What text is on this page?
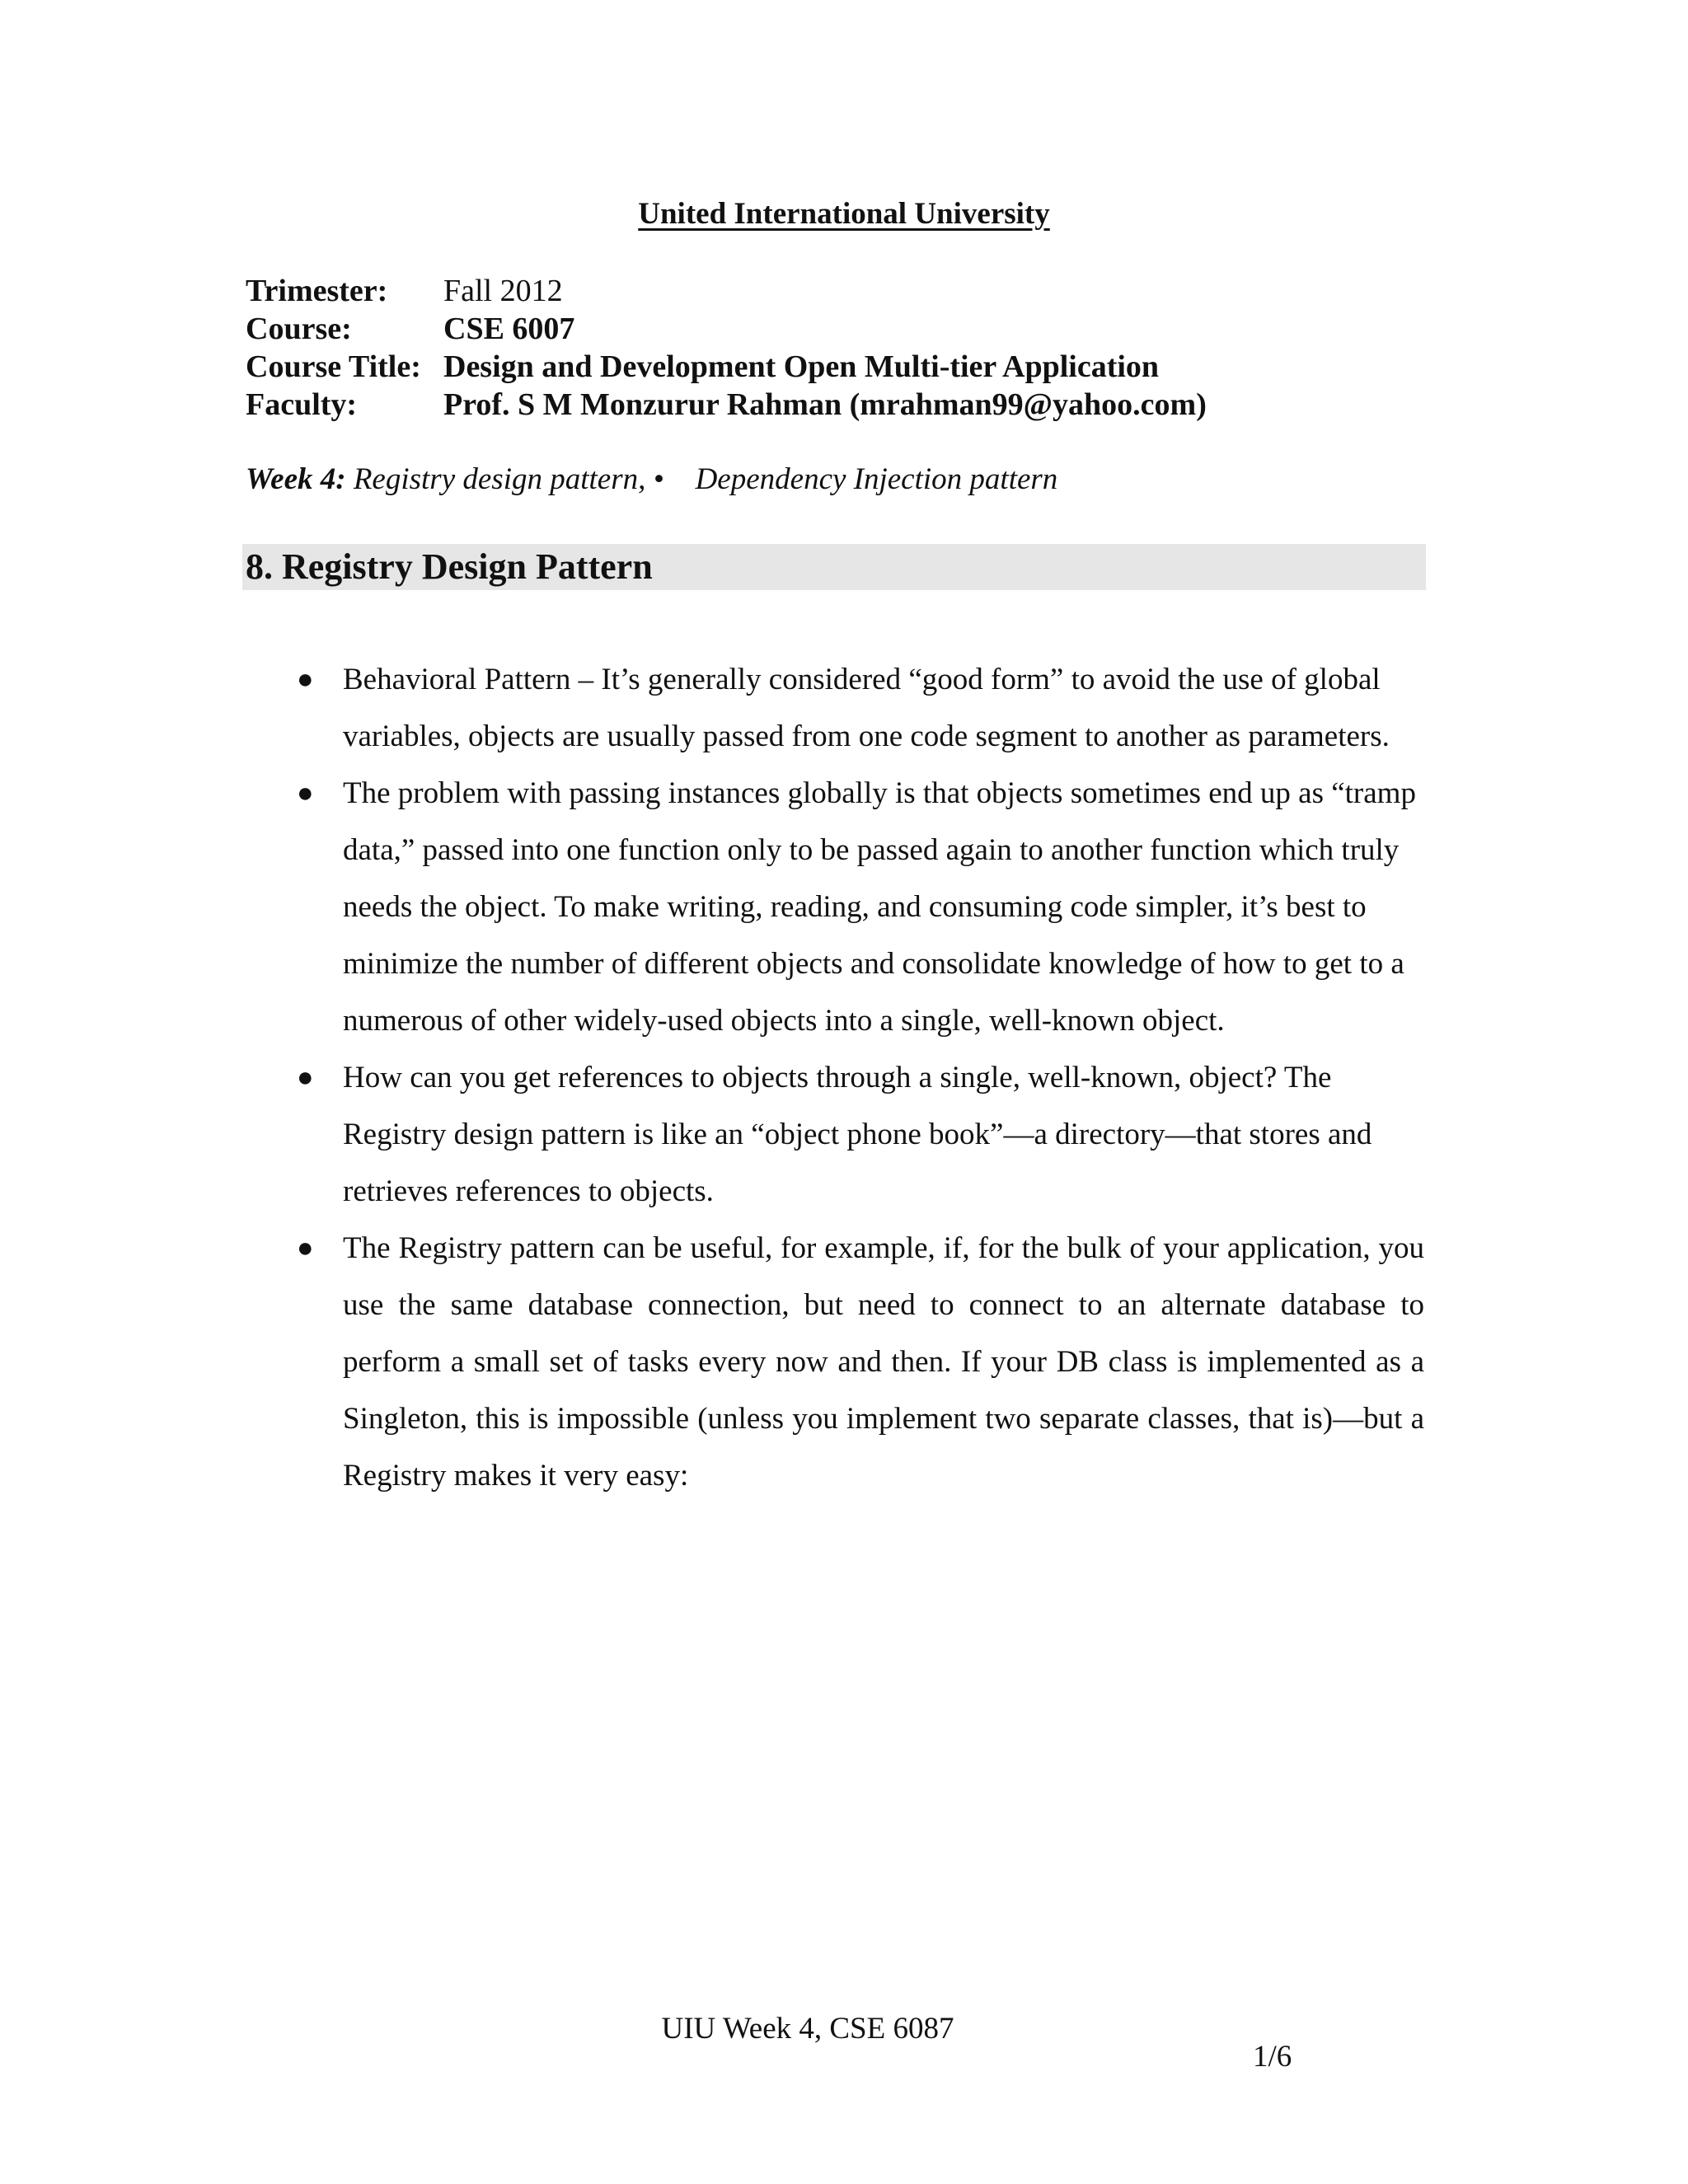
United International University
Trimester:	Fall 2012
Course:	CSE 6007
Course Title: Design and Development Open Multi-tier Application
Faculty:	Prof. S M Monzurur Rahman (mrahman99@yahoo.com)
Week 4: Registry design pattern, • Dependency Injection pattern
8. Registry Design Pattern
● Behavioral Pattern – It’s generally considered “good form” to avoid the use of global variables, objects are usually passed from one code segment to another as parameters.
● The problem with passing instances globally is that objects sometimes end up as “tramp data,” passed into one function only to be passed again to another function which truly needs the object. To make writing, reading, and consuming code simpler, it’s best to minimize the number of different objects and consolidate knowledge of how to get to a numerous of other widely-used objects into a single, well-known object.
● How can you get references to objects through a single, well-known, object? The Registry design pattern is like an “object phone book”—a directory—that stores and retrieves references to objects.
● The Registry pattern can be useful, for example, if, for the bulk of your application, you use the same database connection, but need to connect to an alternate database to perform a small set of tasks every now and then. If your DB class is implemented as a Singleton, this is impossible (unless you implement two separate classes, that is)—but a Registry makes it very easy:
UIU Week 4, CSE 6087
1/6
